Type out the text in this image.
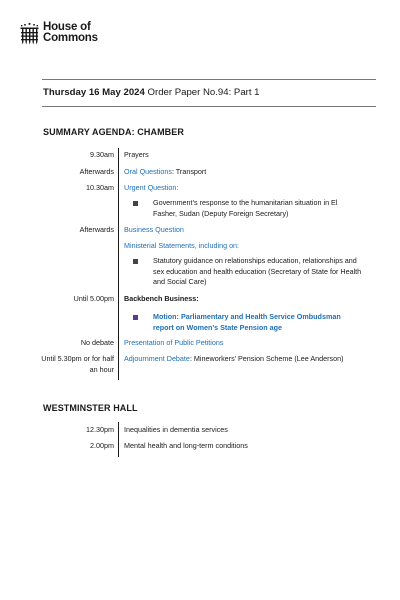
House of
Commons
Thursday 16 May 2024 Order Paper No.94: Part 1
SUMMARY AGENDA: CHAMBER
9.30am Prayers
Afterwards Oral Questions: Transport
10.30am Urgent Question:
Government’s response to the humanitarian situation in El Fasher, Sudan (Deputy Foreign Secretary)
Afterwards Business Question
Ministerial Statements, including on:
Statutory guidance on relationships education, relationships and sex education and health education (Secretary of State for Health and Social Care)
Until 5.00pm Backbench Business:
Motion: Parliamentary and Health Service Ombudsman report on Women’s State Pension age
No debate Presentation of Public Petitions
Until 5.30pm or for half an hour
Adjournment Debate: Mineworkers’ Pension Scheme (Lee Anderson)
WESTMINSTER HALL
12.30pm Inequalities in dementia services
2.00pm Mental health and long-term conditions
